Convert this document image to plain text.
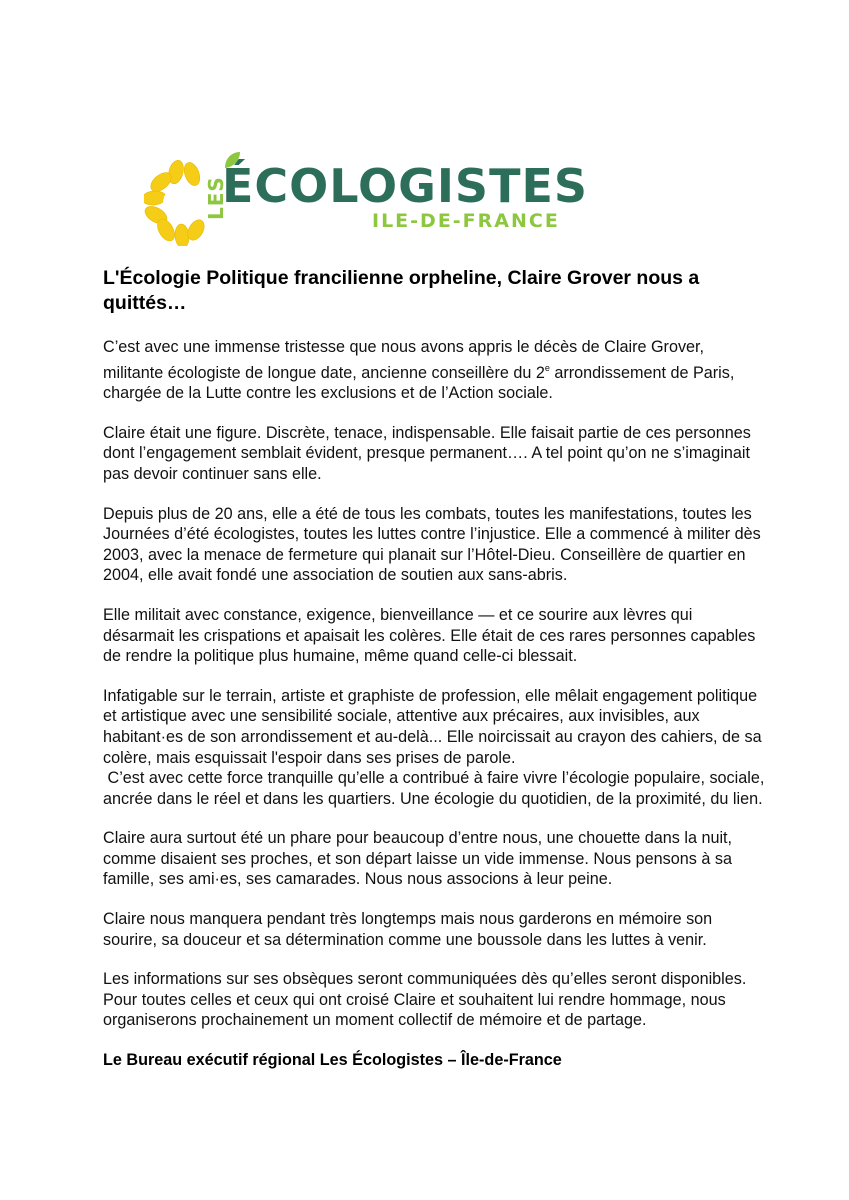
LES
ÉCOLOGISTES
ILE-DE-FRANCE
L'Écologie Politique francilienne orpheline, Claire Grover nous a quittés…
C’est avec une immense tristesse que nous avons appris le décès de Claire Grover,
militante écologiste de longue date, ancienne conseillère du 2e arrondissement de Paris,
chargée de la Lutte contre les exclusions et de l’Action sociale.
Claire était une figure. Discrète, tenace, indispensable. Elle faisait partie de ces personnes
dont l’engagement semblait évident, presque permanent…. A tel point qu’on ne s’imaginait
pas devoir continuer sans elle.
Depuis plus de 20 ans, elle a été de tous les combats, toutes les manifestations, toutes les
Journées d’été écologistes, toutes les luttes contre l’injustice. Elle a commencé à militer dès
2003, avec la menace de fermeture qui planait sur l’Hôtel-Dieu. Conseillère de quartier en
2004, elle avait fondé une association de soutien aux sans-abris.
Elle militait avec constance, exigence, bienveillance — et ce sourire aux lèvres qui
désarmait les crispations et apaisait les colères. Elle était de ces rares personnes capables
de rendre la politique plus humaine, même quand celle-ci blessait.
Infatigable sur le terrain, artiste et graphiste de profession, elle mêlait engagement politique
et artistique avec une sensibilité sociale, attentive aux précaires, aux invisibles, aux
habitant·es de son arrondissement et au-delà... Elle noircissait au crayon des cahiers, de sa
colère, mais esquissait l'espoir dans ses prises de parole.
C’est avec cette force tranquille qu’elle a contribué à faire vivre l’écologie populaire, sociale,
ancrée dans le réel et dans les quartiers. Une écologie du quotidien, de la proximité, du lien.
Claire aura surtout été un phare pour beaucoup d’entre nous, une chouette dans la nuit,
comme disaient ses proches, et son départ laisse un vide immense. Nous pensons à sa
famille, ses ami·es, ses camarades. Nous nous associons à leur peine.
Claire nous manquera pendant très longtemps mais nous garderons en mémoire son
sourire, sa douceur et sa détermination comme une boussole dans les luttes à venir.
Les informations sur ses obsèques seront communiquées dès qu’elles seront disponibles.
Pour toutes celles et ceux qui ont croisé Claire et souhaitent lui rendre hommage, nous
organiserons prochainement un moment collectif de mémoire et de partage.
Le Bureau exécutif régional Les Écologistes – Île-de-France
